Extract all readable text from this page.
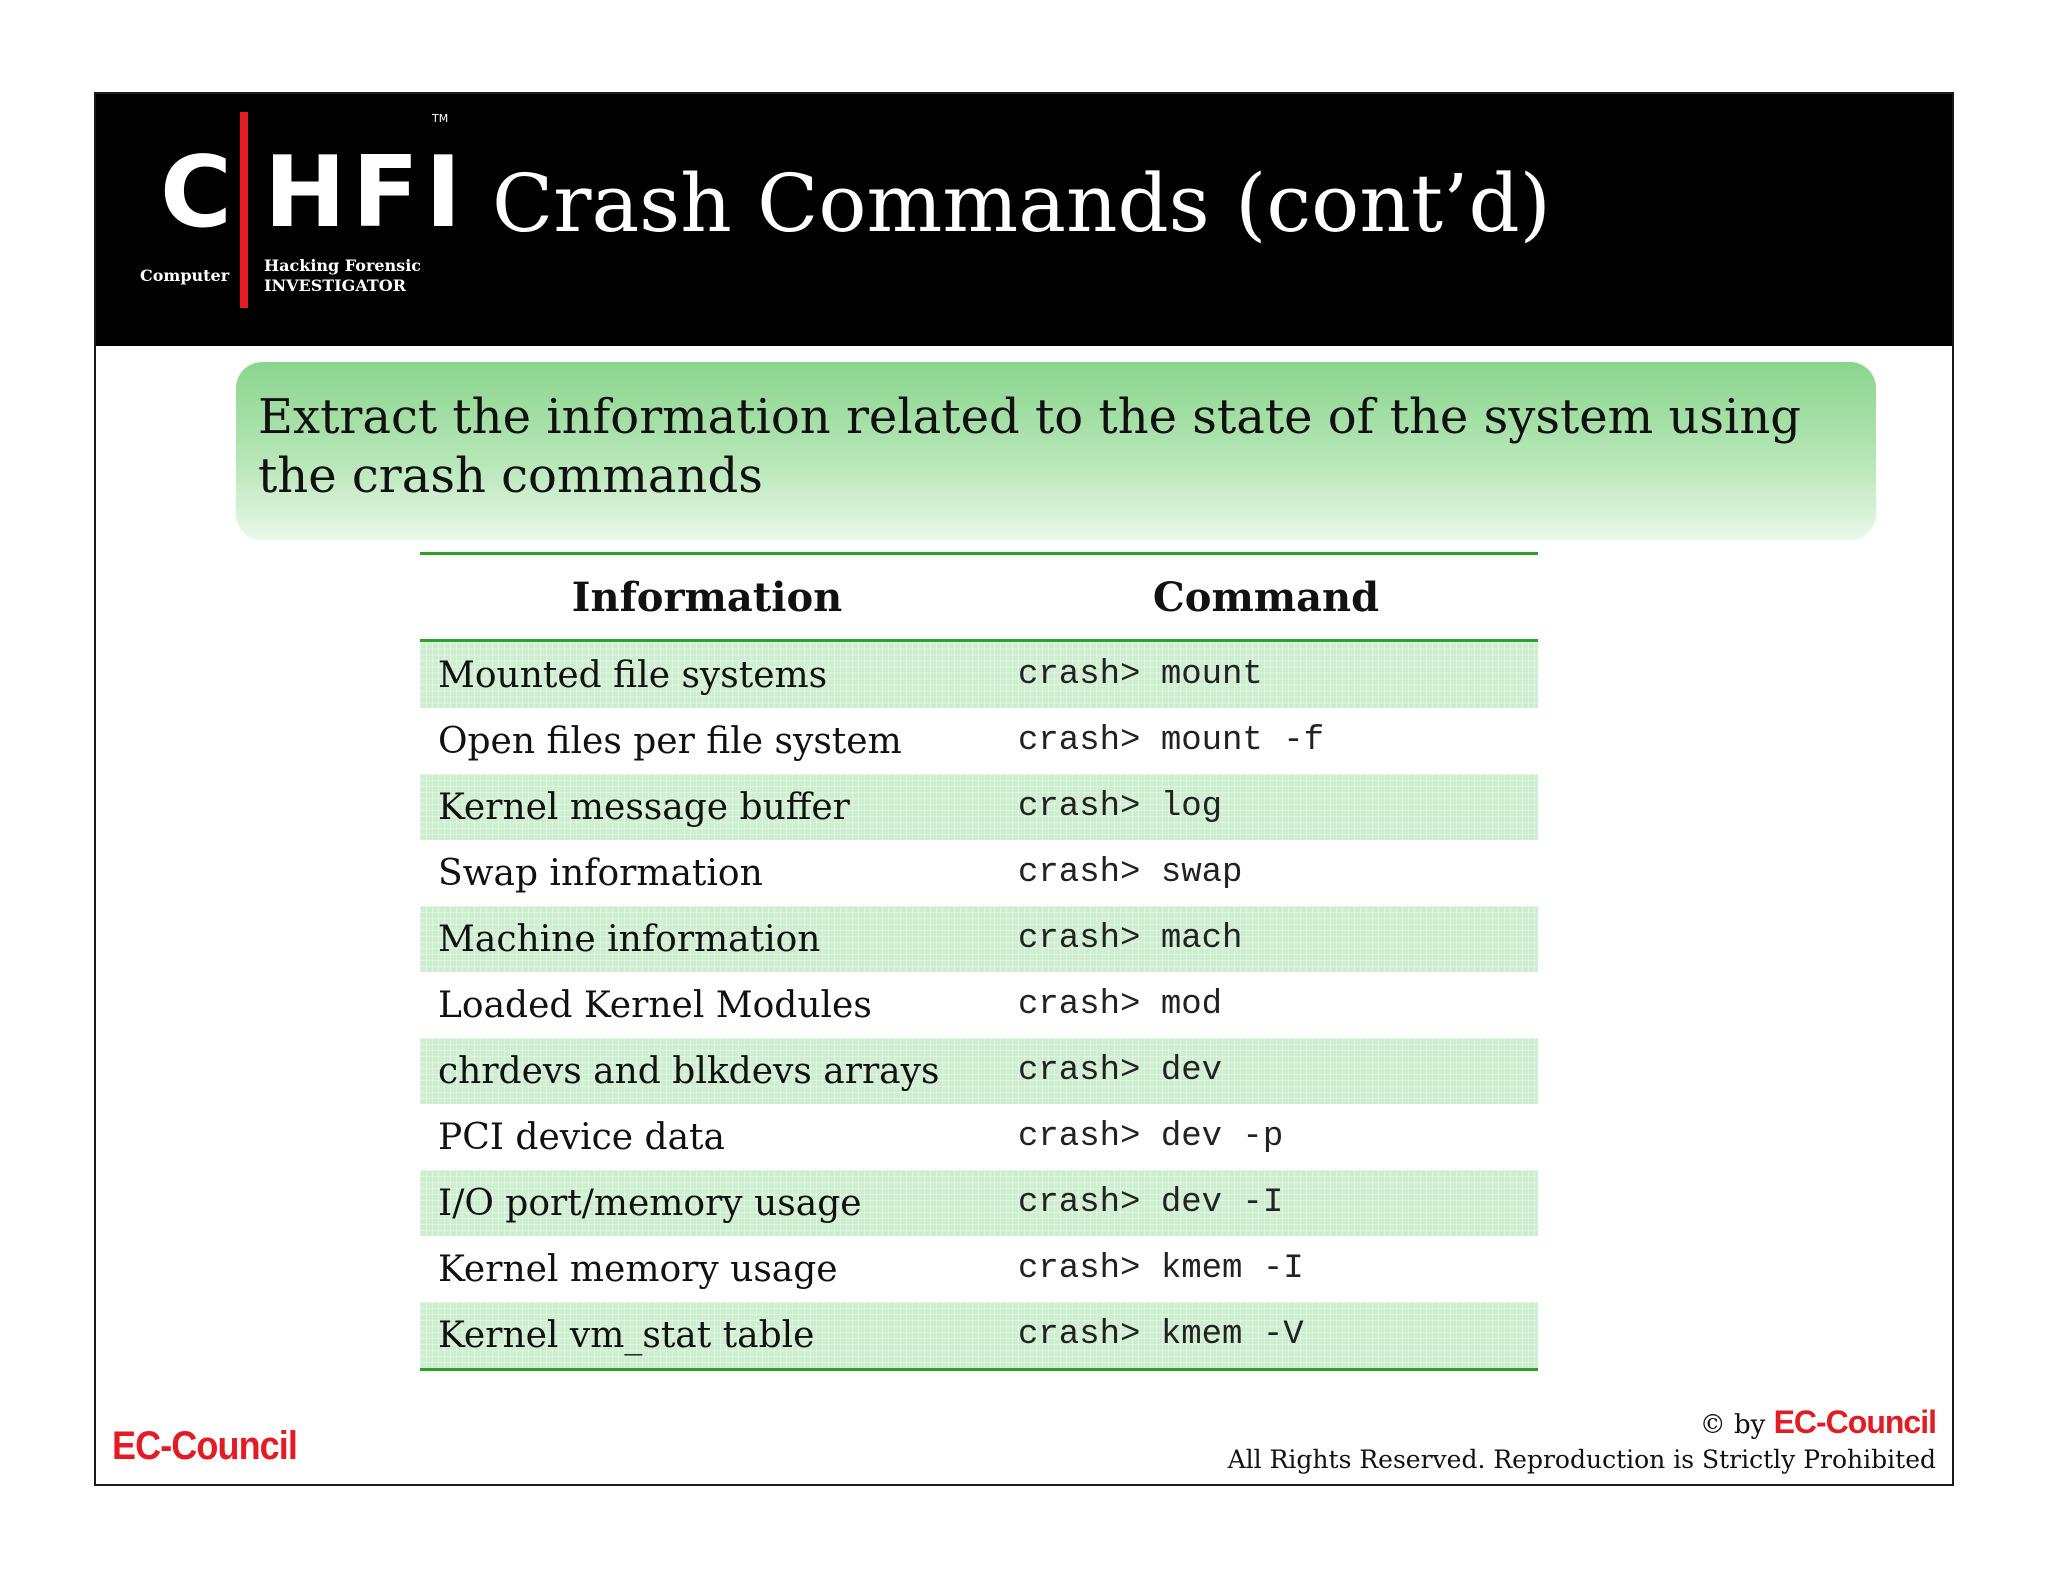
C HFI
TM
Computer
Hacking Forensic
INVESTIGATOR
Crash Commands (cont’d)
Extract the information related to the state of the system using the crash commands
Information	Command
Mounted file systems	crash> mount
Open files per file system	crash> mount -f
Kernel message buffer	crash> log
Swap information	crash> swap
Machine information	crash> mach
Loaded Kernel Modules	crash> mod
chrdevs and blkdevs arrays	crash> dev
PCI device data	crash> dev -p
I/O port/memory usage	crash> dev -I
Kernel memory usage	crash> kmem -I
Kernel vm_stat table	crash> kmem -V
EC-Council	© by EC-Council
All Rights Reserved. Reproduction is Strictly Prohibited
